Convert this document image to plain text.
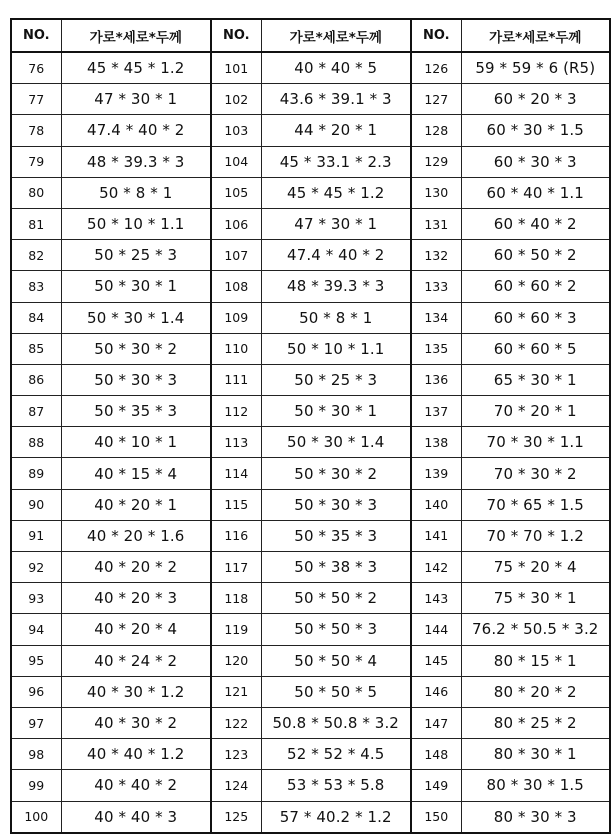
NO.	가로*세로*두께	NO.	가로*세로*두께	NO.	가로*세로*두께
76	45 * 45 * 1.2	101	40 * 40 * 5	126	59 * 59 * 6 (R5)
77	47 * 30 * 1	102	43.6 * 39.1 * 3	127	60 * 20 * 3
78	47.4 * 40 * 2	103	44 * 20 * 1	128	60 * 30 * 1.5
79	48 * 39.3 * 3	104	45 * 33.1 * 2.3	129	60 * 30 * 3
80	50 * 8 * 1	105	45 * 45 * 1.2	130	60 * 40 * 1.1
81	50 * 10 * 1.1	106	47 * 30 * 1	131	60 * 40 * 2
82	50 * 25 * 3	107	47.4 * 40 * 2	132	60 * 50 * 2
83	50 * 30 * 1	108	48 * 39.3 * 3	133	60 * 60 * 2
84	50 * 30 * 1.4	109	50 * 8 * 1	134	60 * 60 * 3
85	50 * 30 * 2	110	50 * 10 * 1.1	135	60 * 60 * 5
86	50 * 30 * 3	111	50 * 25 * 3	136	65 * 30 * 1
87	50 * 35 * 3	112	50 * 30 * 1	137	70 * 20 * 1
88	40 * 10 * 1	113	50 * 30 * 1.4	138	70 * 30 * 1.1
89	40 * 15 * 4	114	50 * 30 * 2	139	70 * 30 * 2
90	40 * 20 * 1	115	50 * 30 * 3	140	70 * 65 * 1.5
91	40 * 20 * 1.6	116	50 * 35 * 3	141	70 * 70 * 1.2
92	40 * 20 * 2	117	50 * 38 * 3	142	75 * 20 * 4
93	40 * 20 * 3	118	50 * 50 * 2	143	75 * 30 * 1
94	40 * 20 * 4	119	50 * 50 * 3	144	76.2 * 50.5 * 3.2
95	40 * 24 * 2	120	50 * 50 * 4	145	80 * 15 * 1
96	40 * 30 * 1.2	121	50 * 50 * 5	146	80 * 20 * 2
97	40 * 30 * 2	122	50.8 * 50.8 * 3.2	147	80 * 25 * 2
98	40 * 40 * 1.2	123	52 * 52 * 4.5	148	80 * 30 * 1
99	40 * 40 * 2	124	53 * 53 * 5.8	149	80 * 30 * 1.5
100	40 * 40 * 3	125	57 * 40.2 * 1.2	150	80 * 30 * 3
